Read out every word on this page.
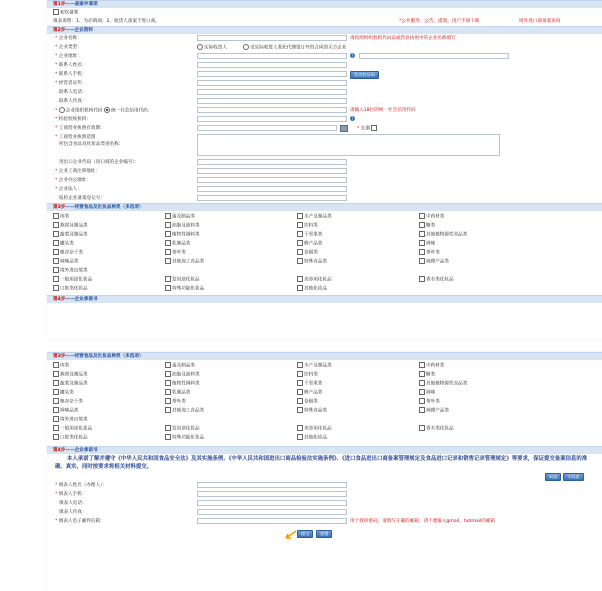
第1步——备案申请项
初次备案
填表说明：1、为必填项；2、收货人备案于进口商。	*公共服务：公告、提现、用户手册下载	境外进口商备案查询
第2步——企业资料
* 企业名称：	请按照组织机构代码证或营业执照中的企业名称填写
* 企业类型：	实际收货人	受实际收货人委托代理签订外贸合同的买方企业
* 企业地址：	?
* 联系人姓名：
* 联系人手机：	发送验证码
* 经营者证件：
联系人电话：
联系人传真：
* 企业组织机构代码 统一社会信用代码：	请输入18位的统一社会信用代码
* 检验检疫机构：	?
* 工商营业执照有效期：	* 长期
* 工商营业执照范围
所包含食品及化妆品类别名称：
进出口企业代码（进口商的企业编号）：
* 企业工商注册地址：
* 企业办公地址：
* 企业法人：
报检企业备案登记号：
第3步——经营食品及化妆品种类（多选项）
肉类	蛋及制品类	水产及制品类	中药材类
燕窝及制品类	油脂及油料类	饮料类	糖类
蔬菜及制品类	植物性调料类	干坚果类	其他植物源性食品类
罐头类	乳制品类	蜂产品类	调味
粮谷杂干类	茶叶类	卷烟类	茶叶类
调味品类	其他加工食品类	特殊食品类	调理产品类
境外进出境类
一般用途化妆品	发用途化妆品	美容用化妆品	香水类化妆品
口腔类化妆品	特殊功能化妆品	其他化妆品
第4步——企业承诺书
第3步——经营食品及化妆品种类（多选项）
肉类	蛋及制品类	水产及制品类	中药材类
燕窝及制品类	油脂及油料类	饮料类	糖类
蔬菜及制品类	植物性调料类	干坚果类	其他植物源性食品类
罐头类	乳制品类	蜂产品类	调味
粮谷杂干类	茶叶类	卷烟类	茶叶类
调味品类	其他加工食品类	特殊食品类	调理产品类
境外进出境类
一般用途化妆品	发用途化妆品	美容用化妆品	香水类化妆品
口腔类化妆品	特殊功能化妆品	其他化妆品
第4步——企业承诺书
本人承诺了解并遵守《中华人民共和国食品安全法》及其实施条例、《中华人民共和国进出口商品检验法实施条例》、《进口食品进出口商备案管理规定及食品进口记录和销售记录管理规定》等要求，保证提交备案信息的准确、真实，同时按要求将相关材料提交。
同意	不同意
* 填表人姓名（办理人）：
* 填表人手机：
填表人电话：
填表人传真：
* 填表人电子邮件信箱：	用于找回密码，请填写正确的邮箱；请不要输入gmail、hotmail的邮箱
提交	重置
